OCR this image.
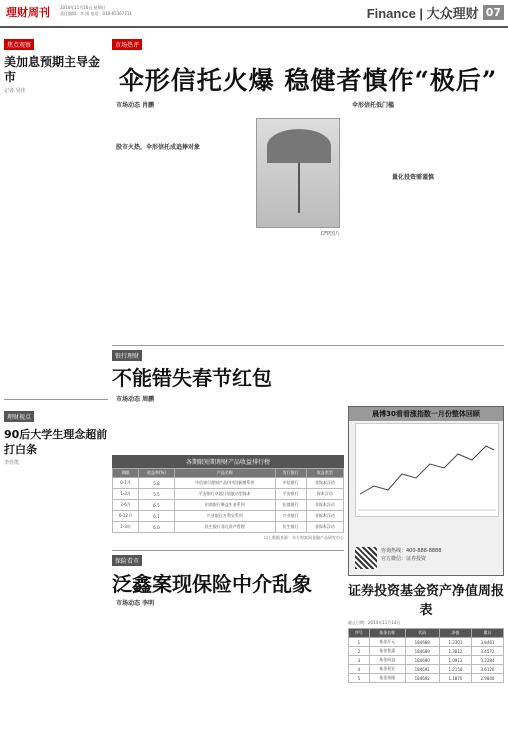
理财周刊	2014年11月16日 星期日
责任编辑：李 刚 电话：010-65367711	Finance | 大众理财 07
焦点观察
美加息预期主导金市
记者 吴佳
理财视点
90后大学生理念超前打白条
李佳凯
市场热评
伞形信托火爆 稳健者慎作“极后”
市场动态 肖鹏
股市火热，伞形信托成追捧对象
伞形信托低门槛
量化投资需谨慎
CFP图片
银行理财
不能错失春节红包
市场动态 周鹏
各期限短期理财产品收益排行榜
期限	收益率(%)	产品名称	发行银行	收益类型
0-1月	5.8	中信银行理财产品(中信)新增系列	中信银行	非保本浮动
1-3月	5.5	平安银行卓越计划滚动型保本	平安银行	保本浮动
3-6月	6.5	招商银行聚益生金系列	招商银行	非保本浮动
6-12月	6.1	兴业银行万利宝系列	兴业银行	非保本浮动
1-3年	6.0	民生银行非凡资产管理	民生银行	非保本浮动
以上数据来源：东方财富网金融产品研究中心
晨博30看看涨指数一月份整体回顾
咨询热线：400-888-8888
官方微信：证券投资
保险看市
泛鑫案现保险中介乱象
市场动态 李明
证券投资基金资产净值周报表
截止日期：2014年11月14日
序号	基金名称	代码	净值	累计
1	基金开元	184688	1.2301	3.8461
2	基金普惠	184689	1.3812	3.4572
3	基金同益	184690	1.0913	3.2284
4	基金景宏	184691	1.2150	3.6120
5	基金裕隆	184692	1.1870	2.9840
